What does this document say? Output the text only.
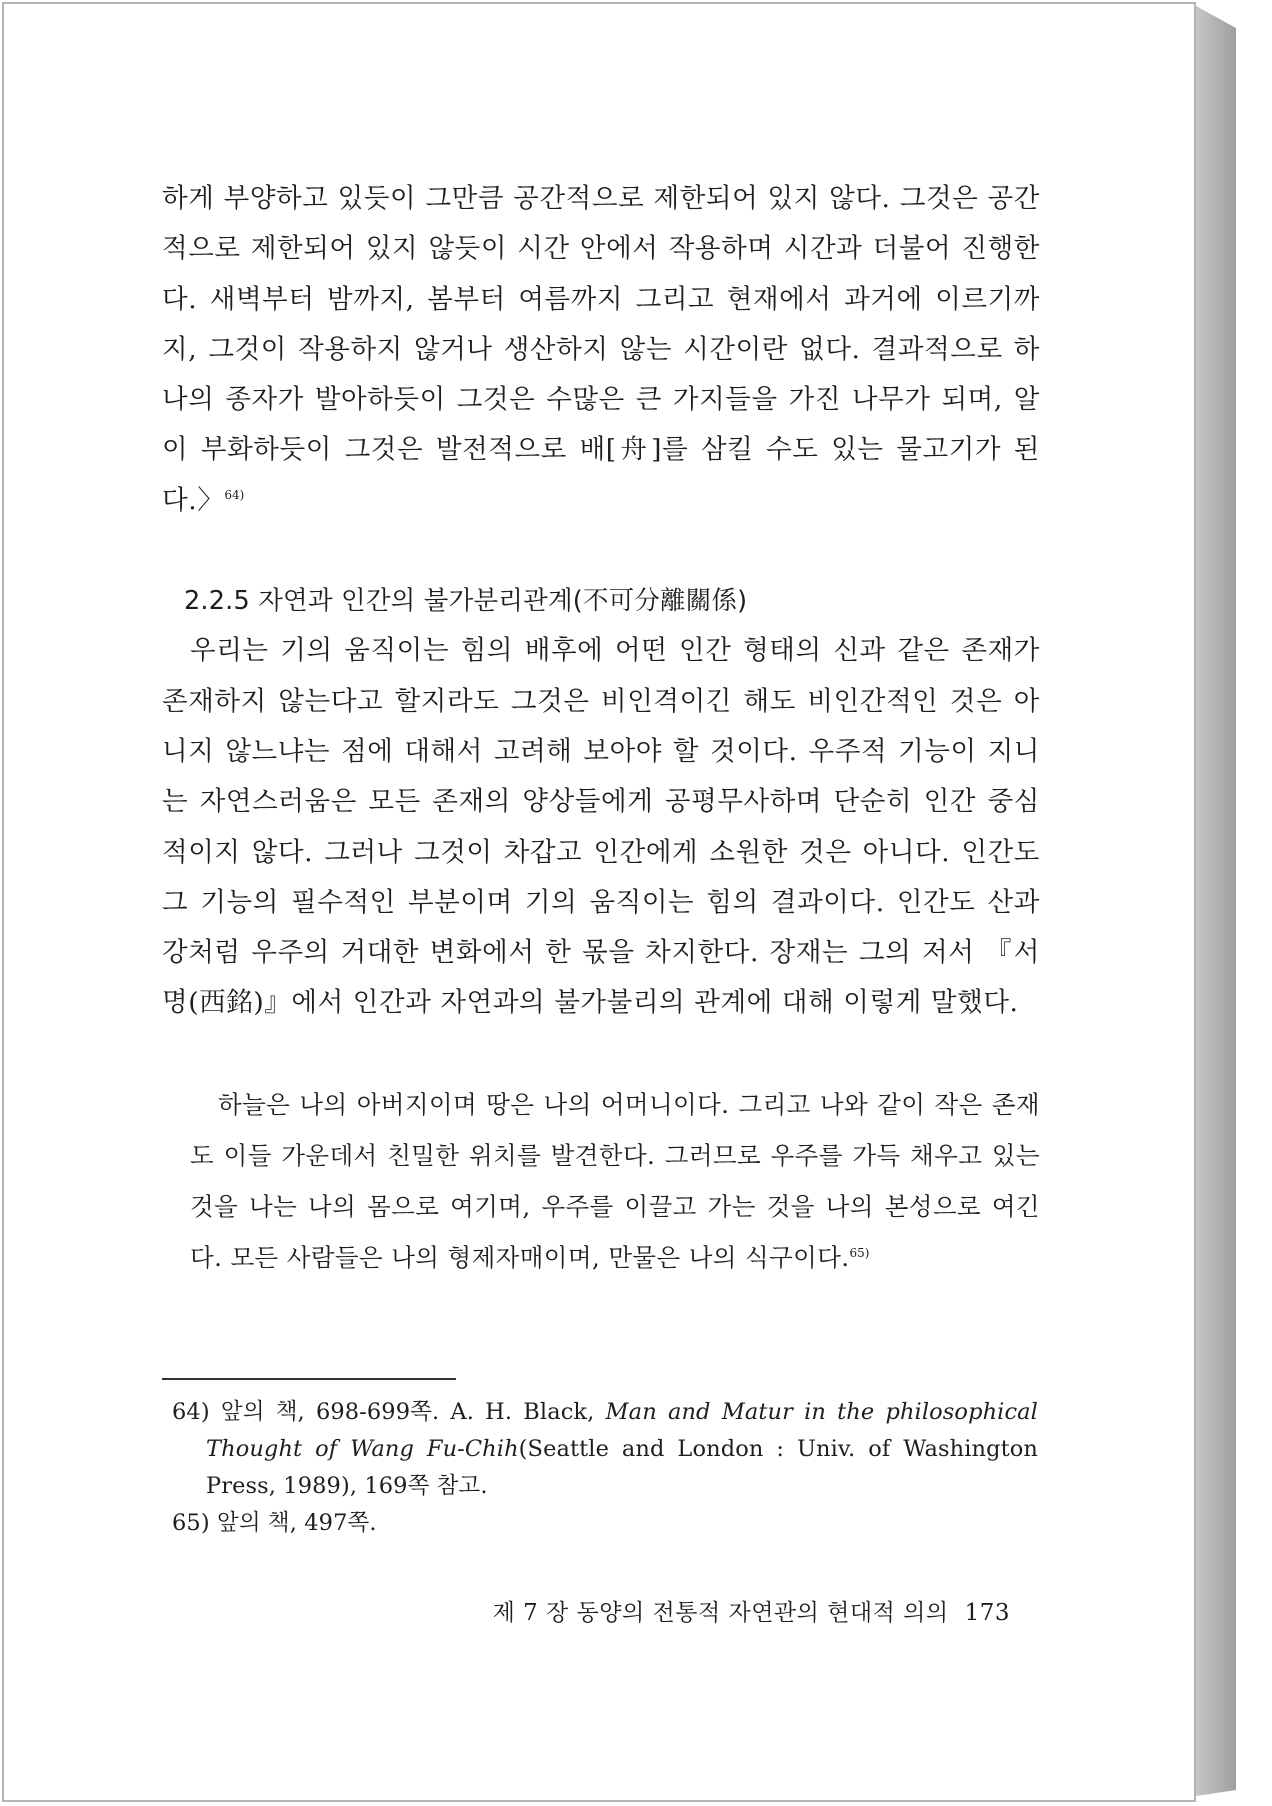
하게 부양하고 있듯이 그만큼 공간적으로 제한되어 있지 않다. 그것은 공간적으로 제한되어 있지 않듯이 시간 안에서 작용하며 시간과 더불어 진행한다. 새벽부터 밤까지, 봄부터 여름까지 그리고 현재에서 과거에 이르기까지, 그것이 작용하지 않거나 생산하지 않는 시간이란 없다. 결과적으로 하나의 종자가 발아하듯이 그것은 수많은 큰 가지들을 가진 나무가 되며, 알이 부화하듯이 그것은 발전적으로 배[舟]를 삼킬 수도 있는 물고기가 된다.〉$^{64)}$

2.2.5 자연과 인간의 불가분리관계(不可分離關係)

우리는 기의 움직이는 힘의 배후에 어떤 인간 형태의 신과 같은 존재가 존재하지 않는다고 할지라도 그것은 비인격이긴 해도 비인간적인 것은 아니지 않느냐는 점에 대해서 고려해 보아야 할 것이다. 우주적 기능이 지니는 자연스러움은 모든 존재의 양상들에게 공평무사하며 단순히 인간 중심적이지 않다. 그러나 그것이 차갑고 인간에게 소원한 것은 아니다. 인간도 그 기능의 필수적인 부분이며 기의 움직이는 힘의 결과이다. 인간도 산과 강처럼 우주의 거대한 변화에서 한 몫을 차지한다. 장재는 그의 저서 『서명(西銘)』에서 인간과 자연과의 불가불리의 관계에 대해 이렇게 말했다.

하늘은 나의 아버지이며 땅은 나의 어머니이다. 그리고 나와 같이 작은 존재도 이들 가운데서 친밀한 위치를 발견한다. 그러므로 우주를 가득 채우고 있는 것을 나는 나의 몸으로 여기며, 우주를 이끌고 가는 것을 나의 본성으로 여긴다. 모든 사람들은 나의 형제자매이며, 만물은 나의 식구이다.$^{65)}$

64) 앞의 책, 698-699쪽. A. H. Black, Man and Matur in the philosophical Thought of Wang Fu-Chih(Seattle and London : Univ. of Washington Press, 1989), 169쪽 참고.

65) 앞의 책, 497쪽.

제 7 장 동양의 전통적 자연관의 현대적 의의 173
